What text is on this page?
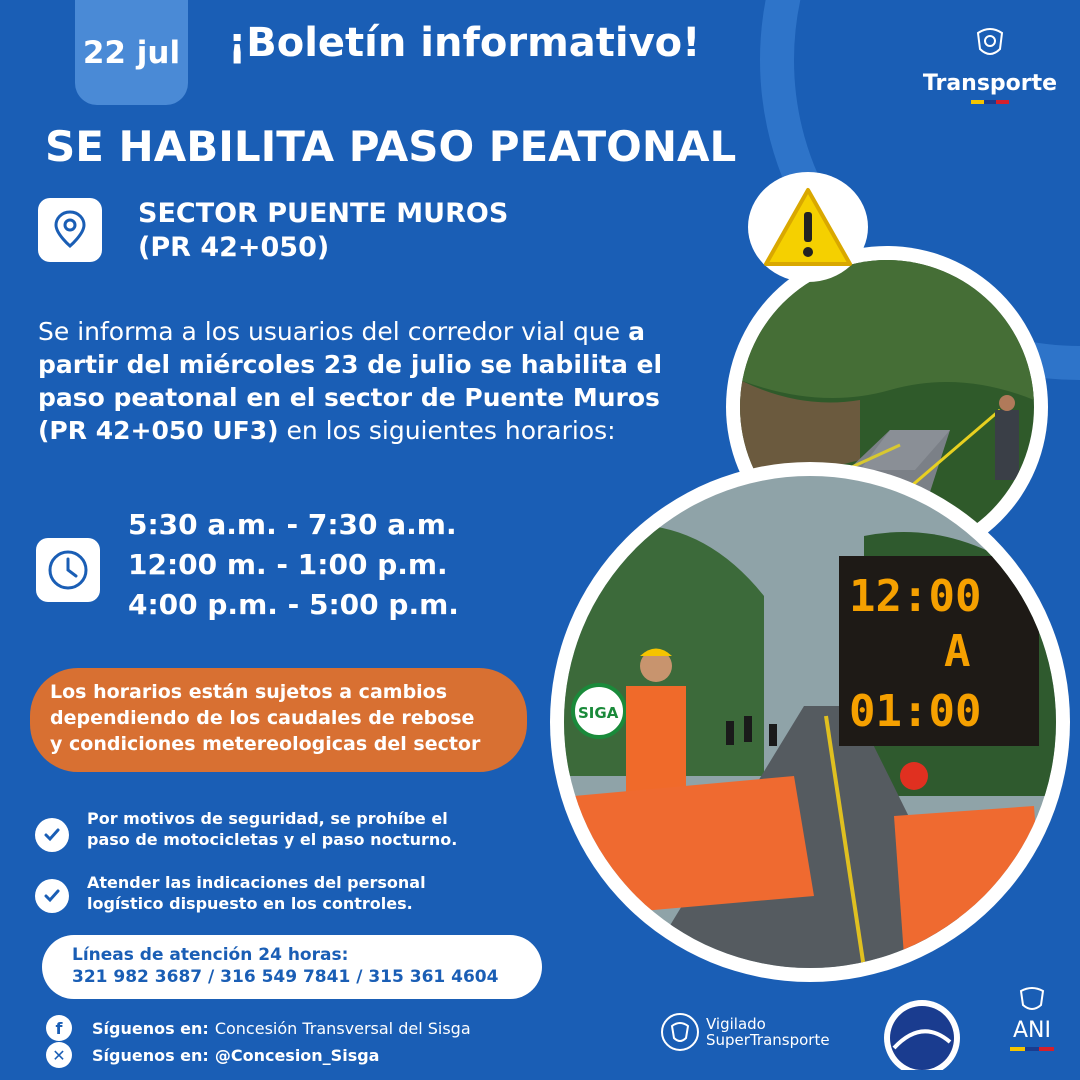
22 jul ¡Boletín informativo!
Transporte
SE HABILITA PASO PEATONAL
SECTOR PUENTE MUROS
(PR 42+050)
Se informa a los usuarios del corredor vial que a partir del miércoles 23 de julio se habilita el paso peatonal en el sector de Puente Muros (PR 42+050 UF3) en los siguientes horarios:
5:30 a.m. - 7:30 a.m.
12:00 m. - 1:00 p.m.
4:00 p.m. - 5:00 p.m.
Los horarios están sujetos a cambios
dependiendo de los caudales de rebose
y condiciones metereologicas del sector
Por motivos de seguridad, se prohíbe el
paso de motocicletas y el paso nocturno.
Atender las indicaciones del personal
logístico dispuesto en los controles.
Líneas de atención 24 horas:
321 982 3687 / 316 549 7841 / 315 361 4604
f	Síguenos en: Concesión Transversal del Sisga
✕	Síguenos en: @Concesion_Sisga
12:00
A
01:00
SIGA
Vigilado
SuperTransporte	ANI
